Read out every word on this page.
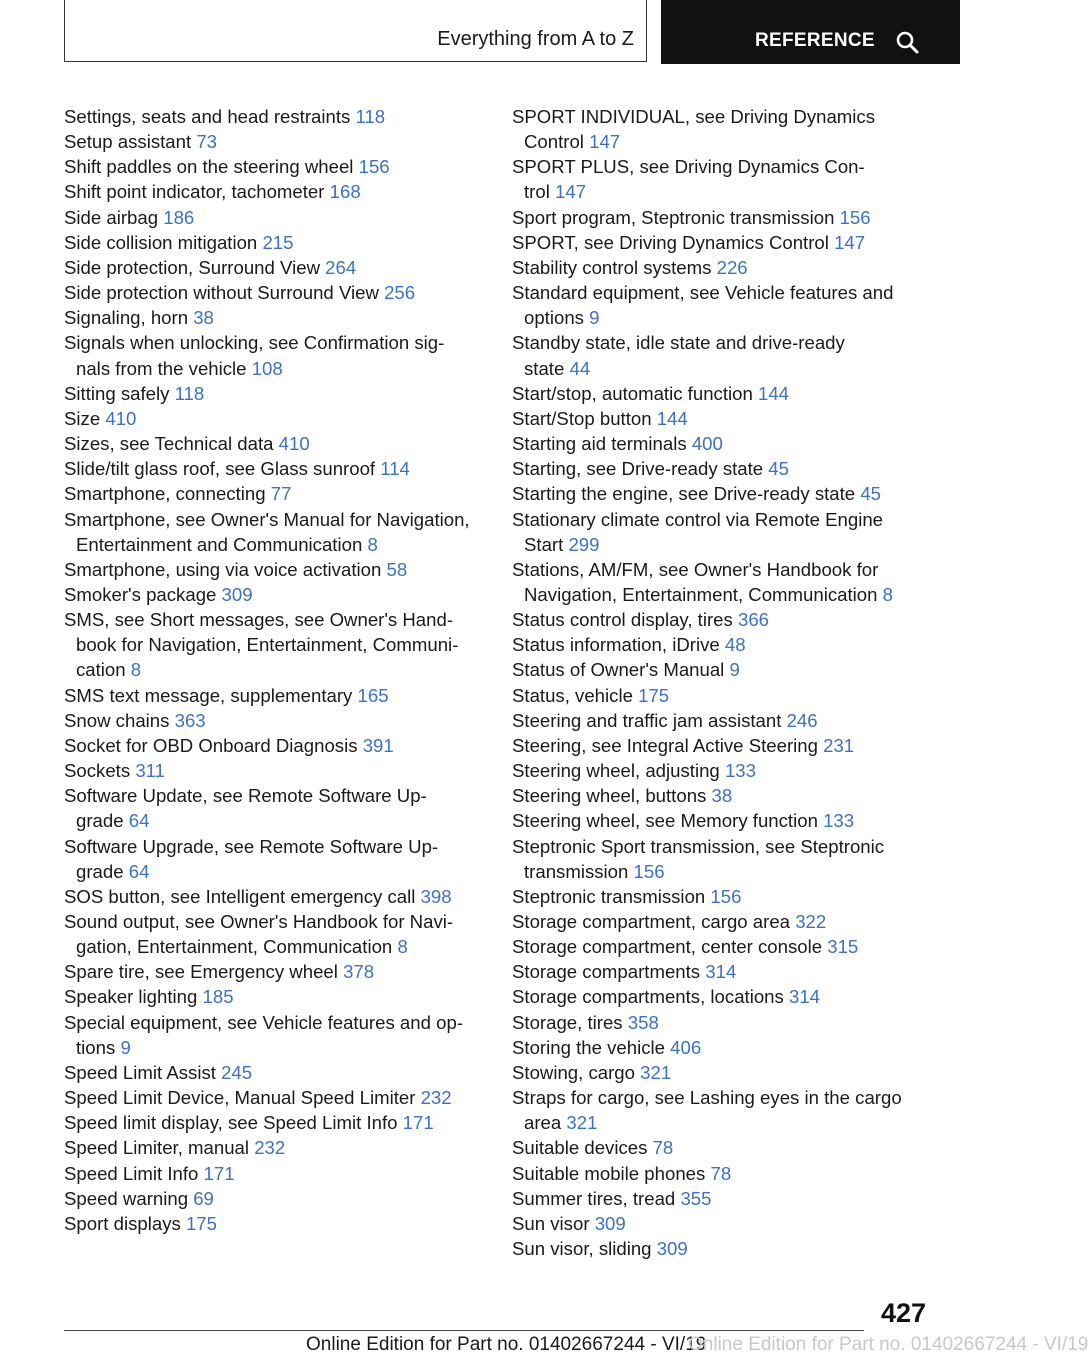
Everything from A to Z	REFERENCE
Settings, seats and head restraints 118
Setup assistant 73
Shift paddles on the steering wheel 156
Shift point indicator, tachometer 168
Side airbag 186
Side collision mitigation 215
Side protection, Surround View 264
Side protection without Surround View 256
Signaling, horn 38
Signals when unlocking, see Confirmation sig-
nals from the vehicle 108
Sitting safely 118
Size 410
Sizes, see Technical data 410
Slide/tilt glass roof, see Glass sunroof 114
Smartphone, connecting 77
Smartphone, see Owner's Manual for Navigation,
Entertainment and Communication 8
Smartphone, using via voice activation 58
Smoker's package 309
SMS, see Short messages, see Owner's Hand-
book for Navigation, Entertainment, Communi-
cation 8
SMS text message, supplementary 165
Snow chains 363
Socket for OBD Onboard Diagnosis 391
Sockets 311
Software Update, see Remote Software Up-
grade 64
Software Upgrade, see Remote Software Up-
grade 64
SOS button, see Intelligent emergency call 398
Sound output, see Owner's Handbook for Navi-
gation, Entertainment, Communication 8
Spare tire, see Emergency wheel 378
Speaker lighting 185
Special equipment, see Vehicle features and op-
tions 9
Speed Limit Assist 245
Speed Limit Device, Manual Speed Limiter 232
Speed limit display, see Speed Limit Info 171
Speed Limiter, manual 232
Speed Limit Info 171
Speed warning 69
Sport displays 175
SPORT INDIVIDUAL, see Driving Dynamics
Control 147
SPORT PLUS, see Driving Dynamics Con-
trol 147
Sport program, Steptronic transmission 156
SPORT, see Driving Dynamics Control 147
Stability control systems 226
Standard equipment, see Vehicle features and
options 9
Standby state, idle state and drive-ready
state 44
Start/stop, automatic function 144
Start/Stop button 144
Starting aid terminals 400
Starting, see Drive-ready state 45
Starting the engine, see Drive-ready state 45
Stationary climate control via Remote Engine
Start 299
Stations, AM/FM, see Owner's Handbook for
Navigation, Entertainment, Communication 8
Status control display, tires 366
Status information, iDrive 48
Status of Owner's Manual 9
Status, vehicle 175
Steering and traffic jam assistant 246
Steering, see Integral Active Steering 231
Steering wheel, adjusting 133
Steering wheel, buttons 38
Steering wheel, see Memory function 133
Steptronic Sport transmission, see Steptronic
transmission 156
Steptronic transmission 156
Storage compartment, cargo area 322
Storage compartment, center console 315
Storage compartments 314
Storage compartments, locations 314
Storage, tires 358
Storing the vehicle 406
Stowing, cargo 321
Straps for cargo, see Lashing eyes in the cargo
area 321
Suitable devices 78
Suitable mobile phones 78
Summer tires, tread 355
Sun visor 309
Sun visor, sliding 309
427
Online Edition for Part no. 01402667244 - VI/19
Online Edition for Part no. 01402667244 - VI/19
